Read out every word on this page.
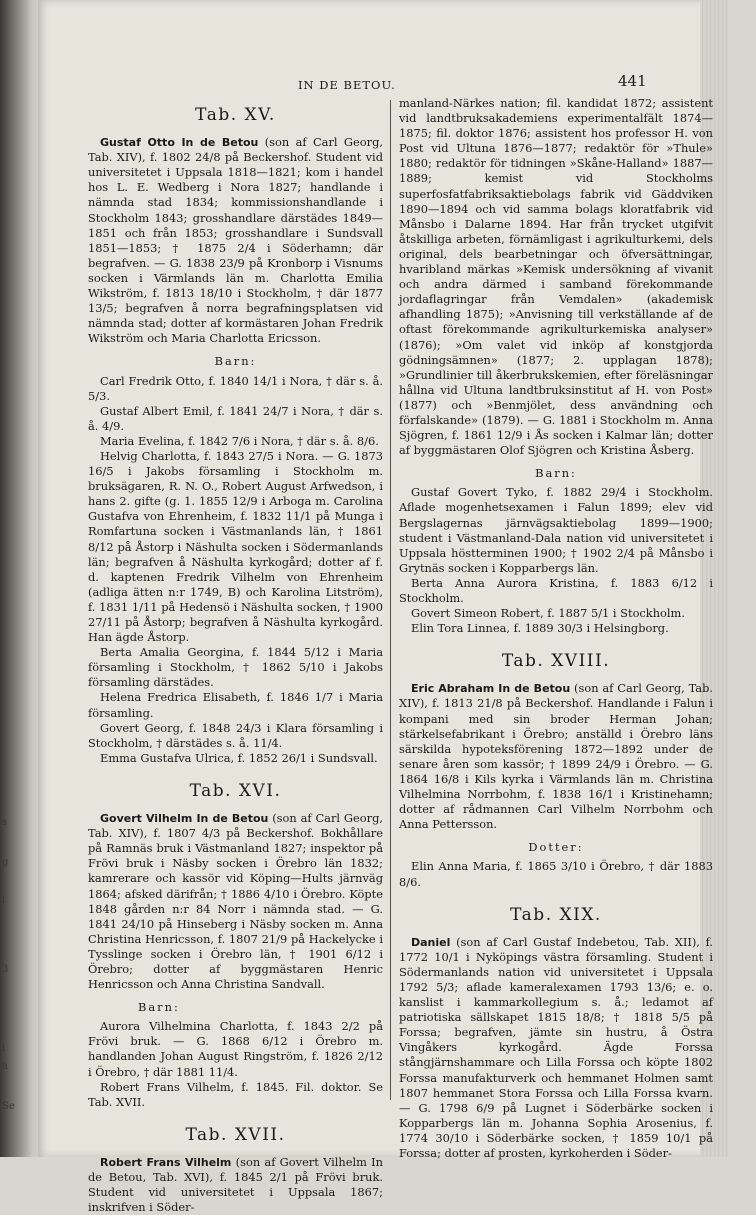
s
g
l
3
i
a
Se
IN DE BETOU.	441
Tab. XV.

Gustaf Otto In de Betou (son af Carl Georg, Tab. XIV), f. 1802 24/8 på Beckershof. Student vid universitetet i Uppsala 1818—1821; kom i handel hos L. E. Wedberg i Nora 1827; handlande i nämnda stad 1834; kommissionshandlande i Stockholm 1843; grosshandlare därstädes 1849—1851 och från 1853; grosshandlare i Sundsvall 1851—1853; † 1875 2/4 i Söderhamn; där begrafven. — G. 1838 23/9 på Kronborp i Visnums socken i Värmlands län m. Charlotta Emilia Wikström, f. 1813 18/10 i Stockholm, † där 1877 13/5; begrafven å norra begrafningsplatsen vid nämnda stad; dotter af kormästaren Johan Fredrik Wikström och Maria Charlotta Ericsson.

Barn:

Carl Fredrik Otto, f. 1840 14/1 i Nora, † där s. å. 5/3.

Gustaf Albert Emil, f. 1841 24/7 i Nora, † där s. å. 4/9.

Maria Evelina, f. 1842 7/6 i Nora, † där s. å. 8/6.

Helvig Charlotta, f. 1843 27/5 i Nora. — G. 1873 16/5 i Jakobs församling i Stockholm m. bruksägaren, R. N. O., Robert August Arfwedson, i hans 2. gifte (g. 1. 1855 12/9 i Arboga m. Carolina Gustafva von Ehrenheim, f. 1832 11/1 på Munga i Romfartuna socken i Västmanlands län, † 1861 8/12 på Åstorp i Näshulta socken i Södermanlands län; begrafven å Näshulta kyrkogård; dotter af f. d. kaptenen Fredrik Vilhelm von Ehrenheim (adliga ätten n:r 1749, B) och Karolina Litström), f. 1831 1/11 på Hedensö i Näshulta socken, † 1900 27/11 på Åstorp; begrafven å Näshulta kyrkogård. Han ägde Åstorp.

Berta Amalia Georgina, f. 1844 5/12 i Maria församling i Stockholm, † 1862 5/10 i Jakobs församling därstädes.

Helena Fredrica Elisabeth, f. 1846 1/7 i Maria församling.

Govert Georg, f. 1848 24/3 i Klara församling i Stockholm, † därstädes s. å. 11/4.

Emma Gustafva Ulrica, f. 1852 26/1 i Sundsvall.

Tab. XVI.

Govert Vilhelm In de Betou (son af Carl Georg, Tab. XIV), f. 1807 4/3 på Beckershof. Bokhållare på Ramnäs bruk i Västmanland 1827; inspektor på Frövi bruk i Näsby socken i Örebro län 1832; kamrerare och kassör vid Köping—Hults järnväg 1864; afsked därifrån; † 1886 4/10 i Örebro. Köpte 1848 gården n:r 84 Norr i nämnda stad. — G. 1841 24/10 på Hinseberg i Näsby socken m. Anna Christina Henricsson, f. 1807 21/9 på Hackelycke i Tysslinge socken i Örebro län, † 1901 6/12 i Örebro; dotter af byggmästaren Henric Henricsson och Anna Christina Sandvall.

Barn:

Aurora Vilhelmina Charlotta, f. 1843 2/2 på Frövi bruk. — G. 1868 6/12 i Örebro m. handlanden Johan August Ringström, f. 1826 2/12 i Örebro, † där 1881 11/4.

Robert Frans Vilhelm, f. 1845. Fil. doktor. Se Tab. XVII.

Tab. XVII.

Robert Frans Vilhelm (son af Govert Vilhelm In de Betou, Tab. XVI), f. 1845 2/1 på Frövi bruk. Student vid universitetet i Uppsala 1867; inskrifven i Söder-

manland-Närkes nation; fil. kandidat 1872; assistent vid landtbruksakademiens experimentalfält 1874—1875; fil. doktor 1876; assistent hos professor H. von Post vid Ultuna 1876—1877; redaktör för »Thule» 1880; redaktör för tidningen »Skåne-Halland» 1887—1889; kemist vid Stockholms superfosfatfabriksaktiebolags fabrik vid Gäddviken 1890—1894 och vid samma bolags kloratfabrik vid Månsbo i Dalarne 1894. Har från trycket utgifvit åtskilliga arbeten, förnämligast i agrikulturkemi, dels original, dels bearbetningar och öfversättningar, hvaribland märkas »Kemisk undersökning af vivanit och andra därmed i samband förekommande jordaflagringar från Vemdalen» (akademisk afhandling 1875); »Anvisning till verkställande af de oftast förekommande agrikulturkemiska analyser» (1876); »Om valet vid inköp af konstgjorda gödningsämnen» (1877; 2. upplagan 1878); »Grundlinier till åkerbrukskemien, efter föreläsningar hållna vid Ultuna landtbruksinstitut af H. von Post» (1877) och »Benmjölet, dess användning och förfalskande» (1879). — G. 1881 i Stockholm m. Anna Sjögren, f. 1861 12/9 i Ås socken i Kalmar län; dotter af byggmästaren Olof Sjögren och Kristina Åsberg.

Barn:

Gustaf Govert Tyko, f. 1882 29/4 i Stockholm. Aflade mogenhetsexamen i Falun 1899; elev vid Bergslagernas järnvägsaktiebolag 1899—1900; student i Västmanland-Dala nation vid universitetet i Uppsala höstterminen 1900; † 1902 2/4 på Månsbo i Grytnäs socken i Kopparbergs län.

Berta Anna Aurora Kristina, f. 1883 6/12 i Stockholm.

Govert Simeon Robert, f. 1887 5/1 i Stockholm.

Elin Tora Linnea, f. 1889 30/3 i Helsingborg.

Tab. XVIII.

Eric Abraham In de Betou (son af Carl Georg, Tab. XIV), f. 1813 21/8 på Beckershof. Handlande i Falun i kompani med sin broder Herman Johan; stärkelsefabrikant i Örebro; anställd i Örebro läns särskilda hypoteksförening 1872—1892 under de senare åren som kassör; † 1899 24/9 i Örebro. — G. 1864 16/8 i Kils kyrka i Värmlands län m. Christina Vilhelmina Norrbohm, f. 1838 16/1 i Kristinehamn; dotter af rådmannen Carl Vilhelm Norrbohm och Anna Pettersson.

Dotter:

Elin Anna Maria, f. 1865 3/10 i Örebro, † där 1883 8/6.

Tab. XIX.

Daniel (son af Carl Gustaf Indebetou, Tab. XII), f. 1772 10/1 i Nyköpings västra församling. Student i Södermanlands nation vid universitetet i Uppsala 1792 5/3; aflade kameralexamen 1793 13/6; e. o. kanslist i kammarkollegium s. å.; ledamot af patriotiska sällskapet 1815 18/8; † 1818 5/5 på Forssa; begrafven, jämte sin hustru, å Östra Vingåkers kyrkogård. Ägde Forssa stångjärnshammare och Lilla Forssa och köpte 1802 Forssa manufakturverk och hemmanet Holmen samt 1807 hemmanet Stora Forssa och Lilla Forssa kvarn. — G. 1798 6/9 på Lugnet i Söderbärke socken i Kopparbergs län m. Johanna Sophia Arosenius, f. 1774 30/10 i Söderbärke socken, † 1859 10/1 på Forssa; dotter af prosten, kyrkoherden i Söder-
